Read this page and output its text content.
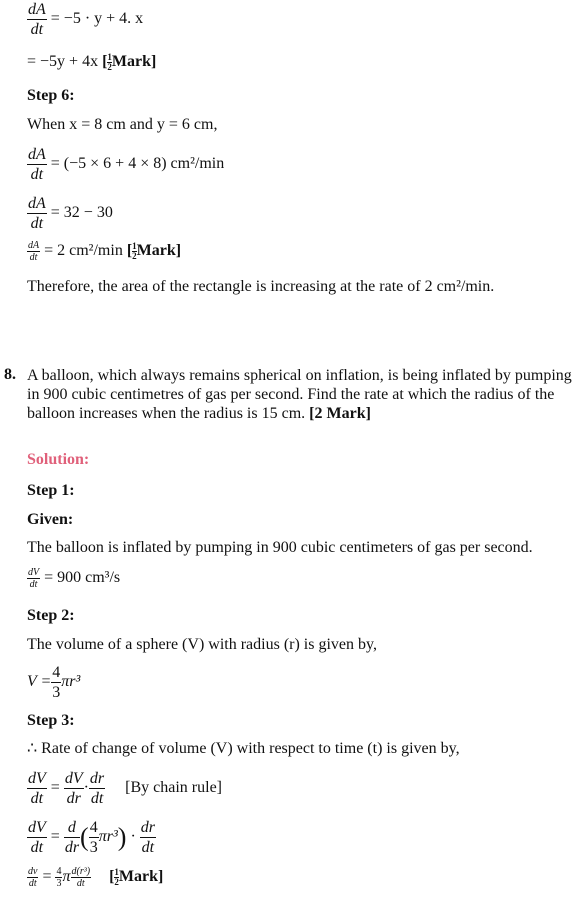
$\frac{dA}{dt} = -5 \cdot y + 4$. x
= −5y + 4x [ $\frac{1}{2}$ Mark]
Step 6:
When x = 8 cm and y = 6 cm,
$\frac{dA}{dt} = (-5 \times 6 + 4 \times 8)$ cm²/min
$\frac{dA}{dt} = 32 - 30$
$\frac{dA}{dt} = 2$ cm²/min [ $\frac{1}{2}$ Mark]
Therefore, the area of the rectangle is increasing at the rate of 2 cm²/min.
8. A balloon, which always remains spherical on inflation, is being inflated by pumping in 900 cubic centimetres of gas per second. Find the rate at which the radius of the balloon increases when the radius is 15 cm. [2 Mark]
Solution:
Step 1:
Given:
The balloon is inflated by pumping in 900 cubic centimeters of gas per second.
$\frac{dV}{dt} = 900$ cm³/s
Step 2:
The volume of a sphere (V) with radius (r) is given by,
$V = \frac{4}{3} \pi r^3$
Step 3:
∴ Rate of change of volume (V) with respect to time (t) is given by,
$\frac{dV}{dt} = \frac{dV}{dr} \cdot \frac{dr}{dt} [By$ chain rule]
$\frac{dV}{dt} = \frac{d}{dr}$ ( $\frac{4}{3} \pi r^3) \cdot \frac{dr}{dt}$
$\frac{dv}{dt} = \frac{4}{3}$ π $\frac{\text{d(r³)}}{dt}$ [ $\frac{1}{2}$ Mark]
